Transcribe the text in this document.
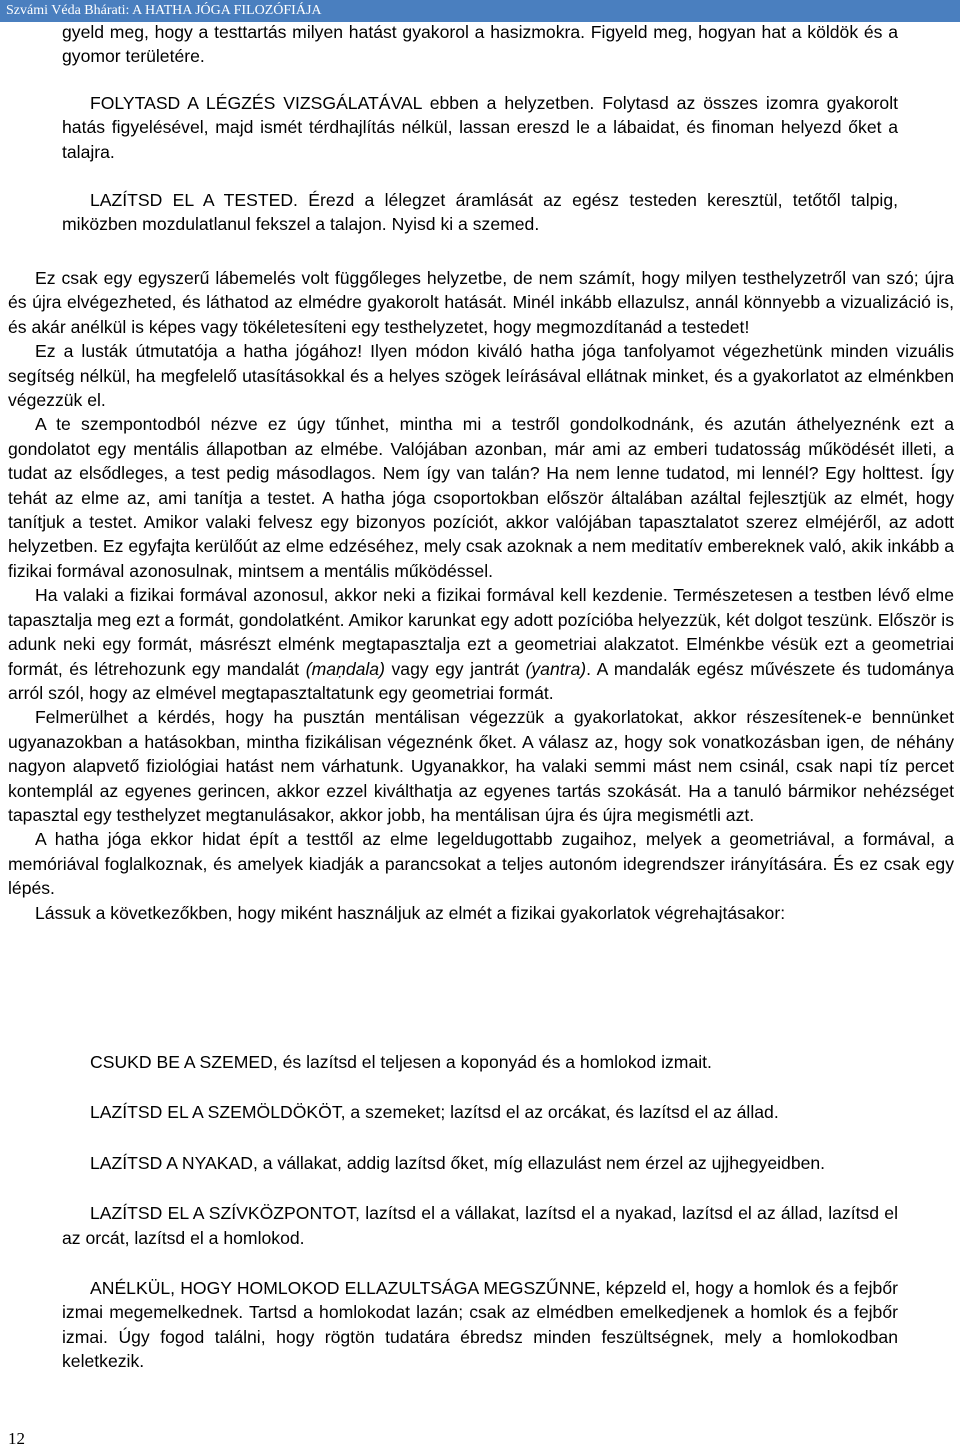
Szvámi Véda Bhárati: A HATHA JÓGA FILOZÓFIÁJA

gyeld meg, hogy a testtartás milyen hatást gyakorol a hasizmokra. Figyeld meg, hogyan hat a köldök és a gyomor területére.

FOLYTASD A LÉGZÉS VIZSGÁLATÁVAL ebben a helyzetben. Folytasd az összes izomra gyakorolt hatás figyelésével, majd ismét térdhajlítás nélkül, lassan ereszd le a lábaidat, és finoman helyezd őket a talajra.

LAZÍTSD EL A TESTED. Érezd a lélegzet áramlását az egész testeden keresztül, tetőtől talpig, miközben mozdulatlanul fekszel a talajon. Nyisd ki a szemed.

Ez csak egy egyszerű lábemelés volt függőleges helyzetbe, de nem számít, hogy milyen testhelyzetről van szó; újra és újra elvégezheted, és láthatod az elmédre gyakorolt hatását. Minél inkább ellazulsz, annál könnyebb a vizualizáció is, és akár anélkül is képes vagy tökéletesíteni egy testhelyzetet, hogy megmozdítanád a testedet!

Ez a lusták útmutatója a hatha jógához! Ilyen módon kiváló hatha jóga tanfolyamot végezhetünk minden vizuális segítség nélkül, ha megfelelő utasításokkal és a helyes szögek leírásával ellátnak minket, és a gyakorlatot az elménkben végezzük el.

A te szempontodból nézve ez úgy tűnhet, mintha mi a testről gondolkodnánk, és azután áthelyeznénk ezt a gondolatot egy mentális állapotban az elmébe. Valójában azonban, már ami az emberi tudatosság működését illeti, a tudat az elsődleges, a test pedig másodlagos. Nem így van talán? Ha nem lenne tudatod, mi lennél? Egy holttest. Így tehát az elme az, ami tanítja a testet. A hatha jóga csoportokban először általában azáltal fejlesztjük az elmét, hogy tanítjuk a testet. Amikor valaki felvesz egy bizonyos pozíciót, akkor valójában tapasztalatot szerez elméjéről, az adott helyzetben. Ez egyfajta kerülőút az elme edzéséhez, mely csak azoknak a nem meditatív embereknek való, akik inkább a fizikai formával azonosulnak, mintsem a mentális működéssel.

Ha valaki a fizikai formával azonosul, akkor neki a fizikai formával kell kezdenie. Természetesen a testben lévő elme tapasztalja meg ezt a formát, gondolatként. Amikor karunkat egy adott pozícióba helyezzük, két dolgot teszünk. Először is adunk neki egy formát, másrészt elménk megtapasztalja ezt a geometriai alakzatot. Elménkbe vésük ezt a geometriai formát, és létrehozunk egy mandalát (maṇdala) vagy egy jantrát (yantra). A mandalák egész művészete és tudománya arról szól, hogy az elmével megtapasztaltatunk egy geometriai formát.

Felmerülhet a kérdés, hogy ha pusztán mentálisan végezzük a gyakorlatokat, akkor részesítenek-e bennünket ugyanazokban a hatásokban, mintha fizikálisan végeznénk őket. A válasz az, hogy sok vonatkozásban igen, de néhány nagyon alapvető fiziológiai hatást nem várhatunk. Ugyanakkor, ha valaki semmi mást nem csinál, csak napi tíz percet kontemplál az egyenes gerincen, akkor ezzel kiválthatja az egyenes tartás szokását. Ha a tanuló bármikor nehézséget tapasztal egy testhelyzet megtanulásakor, akkor jobb, ha mentálisan újra és újra megismétli azt.

A hatha jóga ekkor hidat épít a testtől az elme legeldugottabb zugaihoz, melyek a geometriával, a formával, a memóriával foglalkoznak, és amelyek kiadják a parancsokat a teljes autonóm idegrendszer irányítására. És ez csak egy lépés.

Lássuk a következőkben, hogy miként használjuk az elmét a fizikai gyakorlatok végrehajtásakor:

CSUKD BE A SZEMED, és lazítsd el teljesen a koponyád és a homlokod izmait.

LAZÍTSD EL A SZEMÖLDÖKÖT, a szemeket; lazítsd el az orcákat, és lazítsd el az állad.

LAZÍTSD A NYAKAD, a vállakat, addig lazítsd őket, míg ellazulást nem érzel az ujjhegyeidben.

LAZÍTSD EL A SZÍVKÖZPONTOT, lazítsd el a vállakat, lazítsd el a nyakad, lazítsd el az állad, lazítsd el az orcát, lazítsd el a homlokod.

ANÉLKÜL, HOGY HOMLOKOD ELLAZULTSÁGA MEGSZŰNNE, képzeld el, hogy a homlok és a fejbőr izmai megemelkednek. Tartsd a homlokodat lazán; csak az elmédben emelkedjenek a homlok és a fejbőr izmai. Úgy fogod találni, hogy rögtön tudatára ébredsz minden feszültségnek, mely a homlokodban keletkezik.

12
